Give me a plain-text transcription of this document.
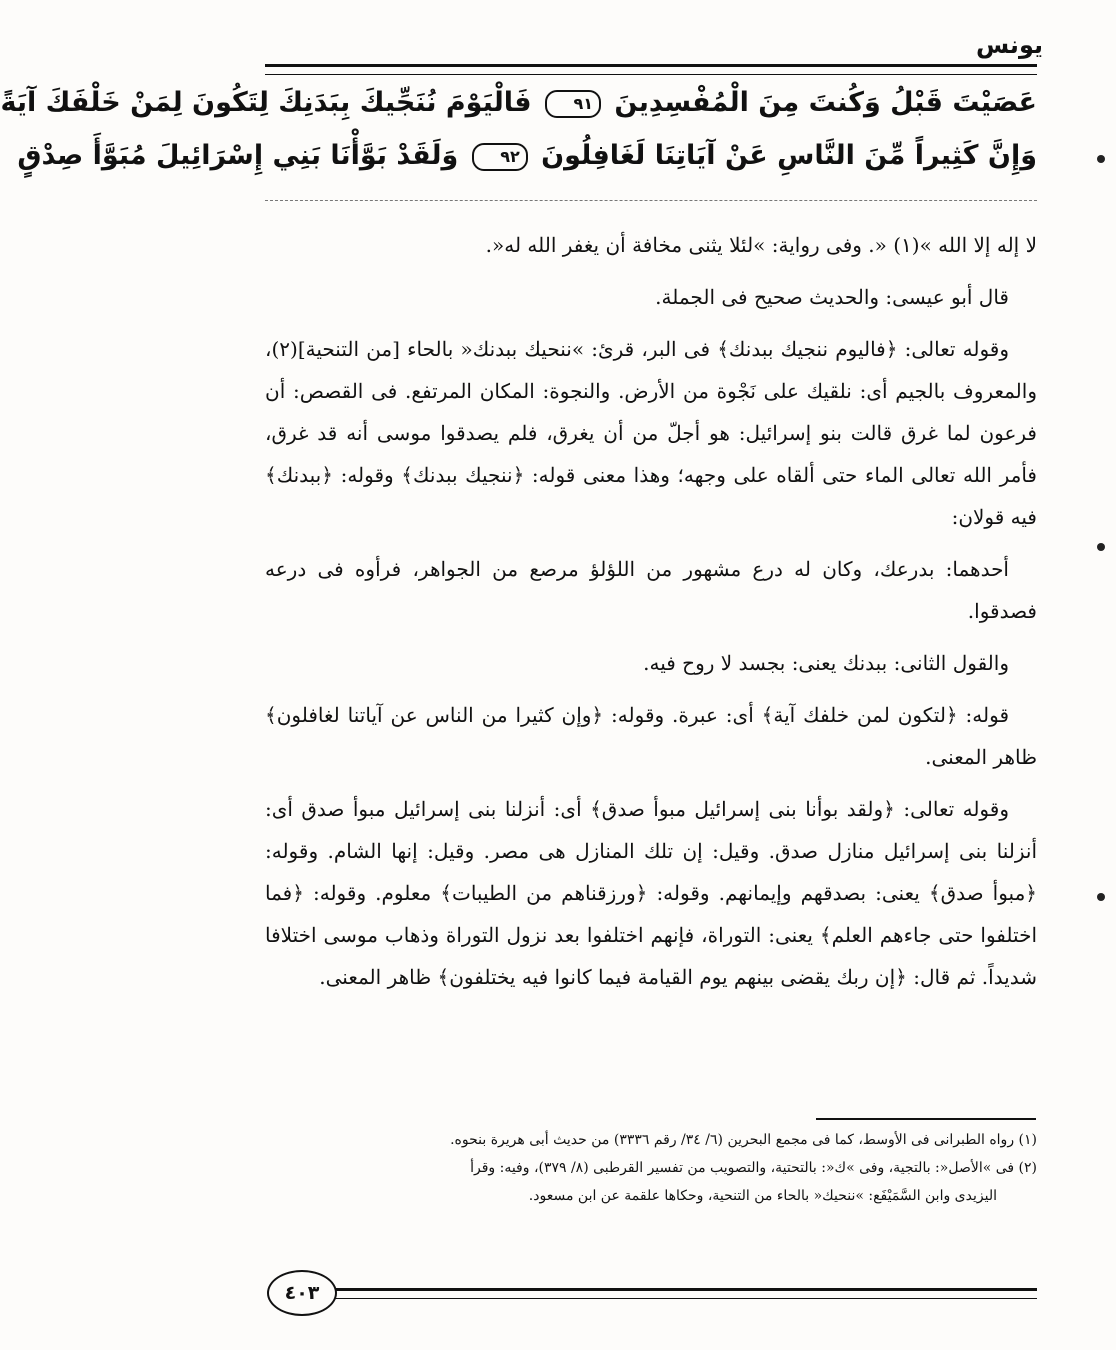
يونس
عَصَيْتَ قَبْلُ وَكُنتَ مِنَ الْمُفْسِدِينَ ٩١ فَالْيَوْمَ نُنَجِّيكَ بِبَدَنِكَ لِتَكُونَ لِمَنْ خَلْفَكَ آيَةً
وَإِنَّ كَثِيراً مِّنَ النَّاسِ عَنْ آيَاتِنَا لَغَافِلُونَ ٩٢ وَلَقَدْ بَوَّأْنَا بَنِي إِسْرَائِيلَ مُبَوَّأَ صِدْقٍ

لا إله إلا الله »(١) «. وفى رواية: »لئلا يثنى مخافة أن يغفر الله له«.

قال أبو عيسى: والحديث صحيح فى الجملة.

وقوله تعالى: ﴿فاليوم ننجيك ببدنك﴾ فى البر، قرئ: »ننحيك ببدنك« بالحاء [من التنحية](٢)، والمعروف بالجيم أى: نلقيك على نَجْوة من الأرض. والنجوة: المكان المرتفع. فى القصص: أن فرعون لما غرق قالت بنو إسرائيل: هو أجلّ من أن يغرق، فلم يصدقوا موسى أنه قد غرق، فأمر الله تعالى الماء حتى ألقاه على وجهه؛ وهذا معنى قوله: ﴿ننجيك ببدنك﴾ وقوله: ﴿ببدنك﴾ فيه قولان:

أحدهما: بدرعك، وكان له درع مشهور من اللؤلؤ مرصع من الجواهر، فرأوه فى درعه فصدقوا.

والقول الثانى: ببدنك يعنى: بجسد لا روح فيه.

قوله: ﴿لتكون لمن خلفك آية﴾ أى: عبرة. وقوله: ﴿وإن كثيرا من الناس عن آياتنا لغافلون﴾ ظاهر المعنى.

وقوله تعالى: ﴿ولقد بوأنا بنى إسرائيل مبوأ صدق﴾ أى: أنزلنا بنى إسرائيل مبوأ صدق أى: أنزلنا بنى إسرائيل منازل صدق. وقيل: إن تلك المنازل هى مصر. وقيل: إنها الشام. وقوله: ﴿مبوأ صدق﴾ يعنى: بصدقهم وإيمانهم. وقوله: ﴿ورزقناهم من الطيبات﴾ معلوم. وقوله: ﴿فما اختلفوا حتى جاءهم العلم﴾ يعنى: التوراة، فإنهم اختلفوا بعد نزول التوراة وذهاب موسى اختلافا شديداً. ثم قال: ﴿إن ربك يقضى بينهم يوم القيامة فيما كانوا فيه يختلفون﴾ ظاهر المعنى.

(١) رواه الطبرانى فى الأوسط، كما فى مجمع البحرين (٦/ ٣٤/ رقم ٣٣٣٦) من حديث أبى هريرة بنحوه.

(٢) فى »الأصل«: بالتجية، وفى »ك«: بالتحتية، والتصويب من تفسير القرطبى (٨/ ٣٧٩)، وفيه: وقرأ

اليزيدى وابن السَّمَيْفَع: »ننحيك« بالحاء من التنحية، وحكاها علقمة عن ابن مسعود.

٤٠٣
